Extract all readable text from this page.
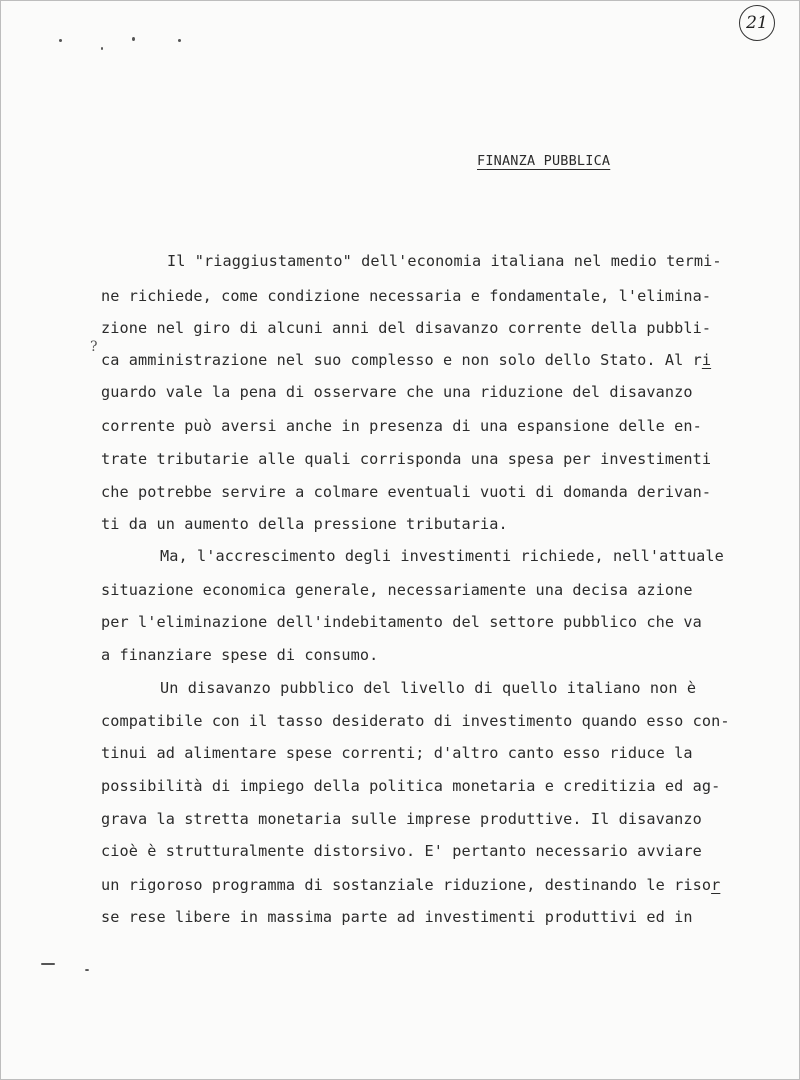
21
FINANZA PUBBLICA
?
Il "riaggiustamento" dell'economia italiana nel medio termi-
ne richiede, come condizione necessaria e fondamentale, l'elimina-
zione nel giro di alcuni anni del disavanzo corrente della pubbli-
ca amministrazione nel suo complesso e non solo dello Stato. Al ri
guardo vale la pena di osservare che una riduzione del disavanzo
corrente può aversi anche in presenza di una espansione delle en-
trate tributarie alle quali corrisponda una spesa per investimenti
che potrebbe servire a colmare eventuali vuoti di domanda derivan-
ti da un aumento della pressione tributaria.
Ma, l'accrescimento degli investimenti richiede, nell'attuale
situazione economica generale, necessariamente una decisa azione
per l'eliminazione dell'indebitamento del settore pubblico che va
a finanziare spese di consumo.
Un disavanzo pubblico del livello di quello italiano non è
compatibile con il tasso desiderato di investimento quando esso con-
tinui ad alimentare spese correnti; d'altro canto esso riduce la
possibilità di impiego della politica monetaria e creditizia ed ag-
grava la stretta monetaria sulle imprese produttive. Il disavanzo
cioè è strutturalmente distorsivo. E' pertanto necessario avviare
un rigoroso programma di sostanziale riduzione, destinando le risor
se rese libere in massima parte ad investimenti produttivi ed in
